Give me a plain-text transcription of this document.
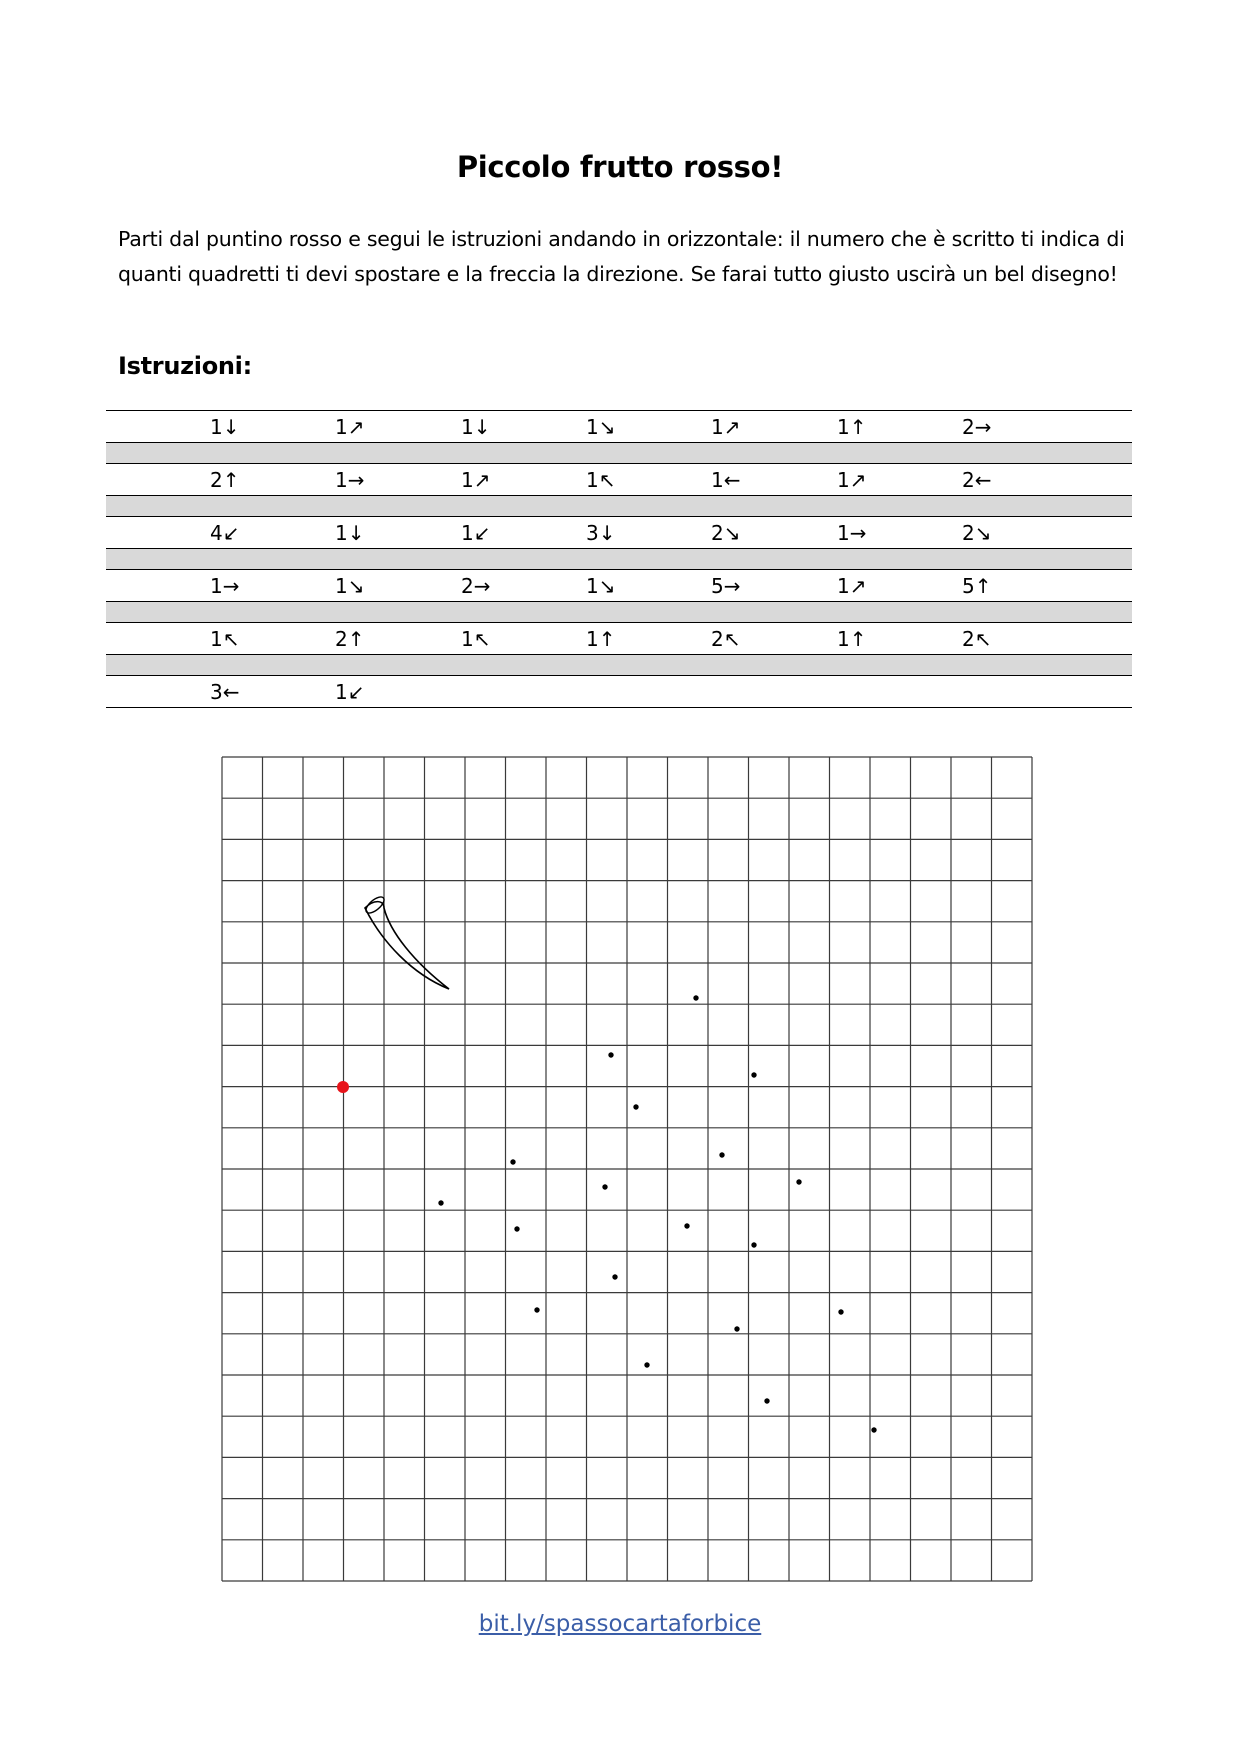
Piccolo frutto rosso!
Parti dal puntino rosso e segui le istruzioni andando in orizzontale: il numero che è scritto ti indica di quanti quadretti ti devi spostare e la freccia la direzione. Se farai tutto giusto uscirà un bel disegno!
Istruzioni:
1↓	1↗	1↓	1↘	1↗	1↑	2→
2↑	1→	1↗	1↖	1←	1↗	2←
4↙	1↓	1↙	3↓	2↘	1→	2↘
1→	1↘	2→	1↘	5→	1↗	5↑
1↖	2↑	1↖	1↑	2↖	1↑	2↖
3←	1↙
bit.ly/spassocartaforbice
